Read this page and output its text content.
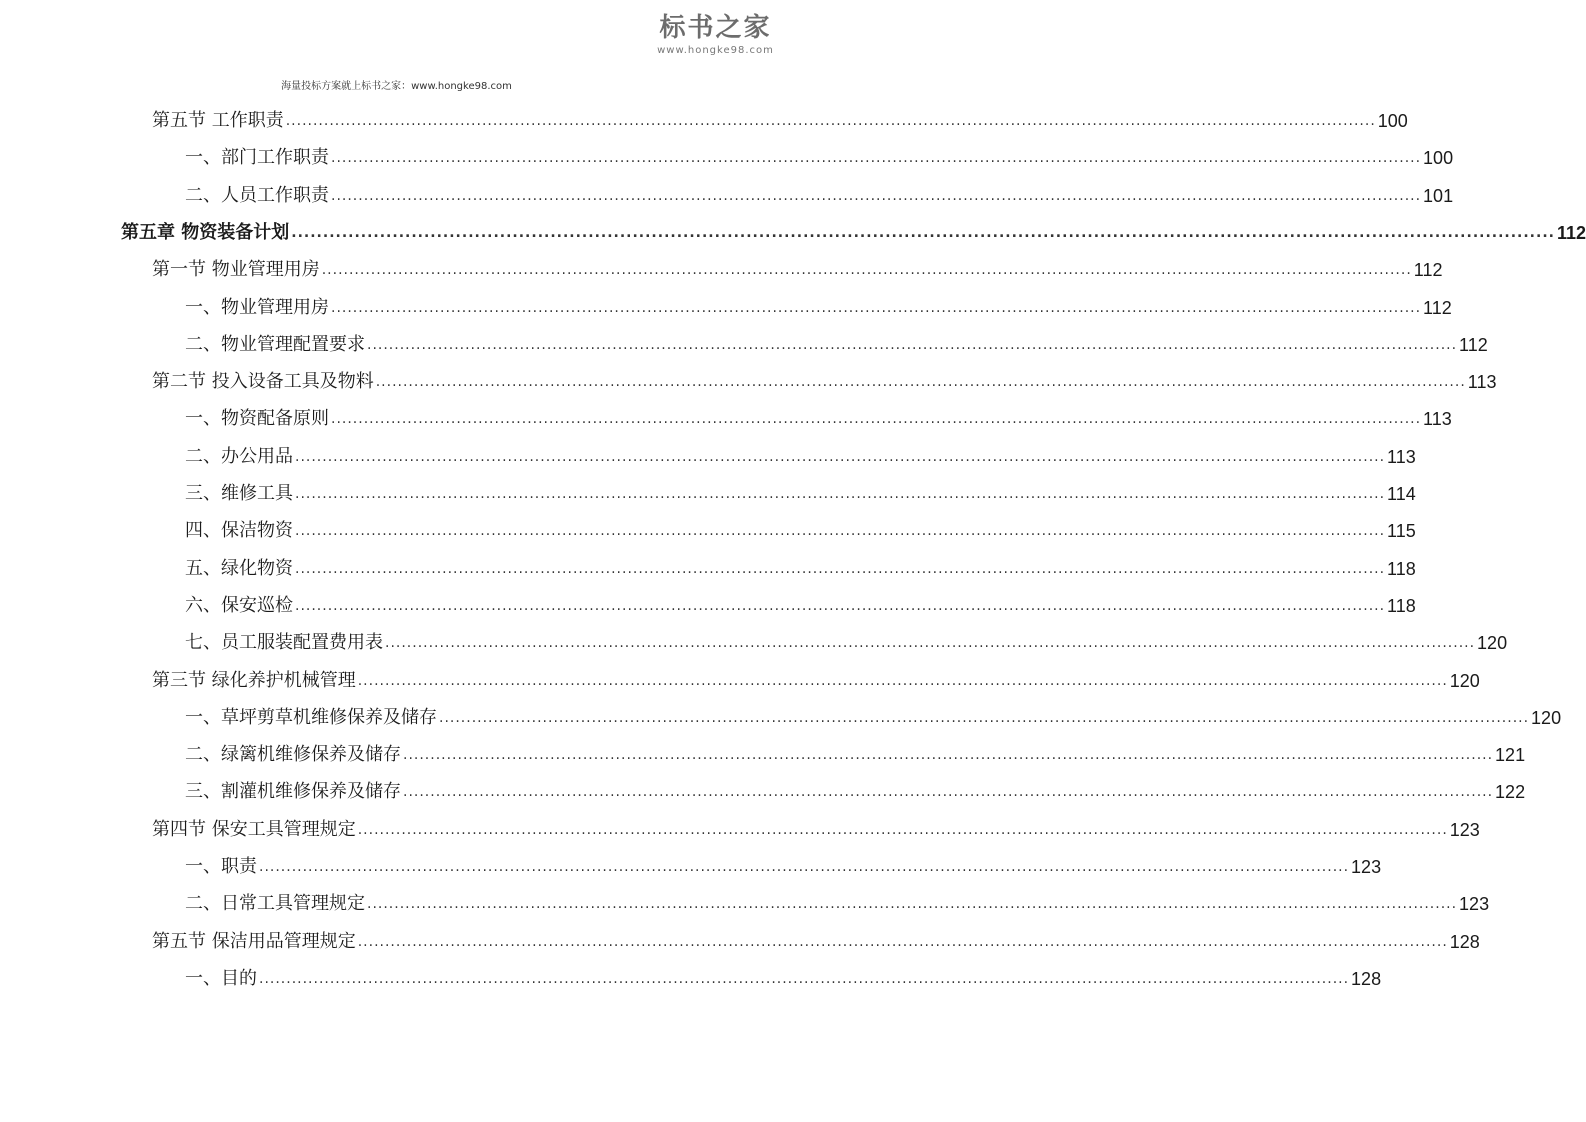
标书之家
www.hongke98.com
海量投标方案就上标书之家：www.hongke98.com
第五节 工作职责 ........................................................................................................................................................................................................ 100
一、部门工作职责 ........................................................................................................................................................................................................ 100
二、人员工作职责 ........................................................................................................................................................................................................ 101
第五章 物资装备计划 ........................................................................................................................................................................................................ 112
第一节 物业管理用房 ........................................................................................................................................................................................................ 112
一、物业管理用房 ........................................................................................................................................................................................................ 112
二、物业管理配置要求 ........................................................................................................................................................................................................ 112
第二节 投入设备工具及物料 ........................................................................................................................................................................................................ 113
一、物资配备原则 ........................................................................................................................................................................................................ 113
二、办公用品 ........................................................................................................................................................................................................ 113
三、维修工具 ........................................................................................................................................................................................................ 114
四、保洁物资 ........................................................................................................................................................................................................ 115
五、绿化物资 ........................................................................................................................................................................................................ 118
六、保安巡检 ........................................................................................................................................................................................................ 118
七、员工服装配置费用表 ........................................................................................................................................................................................................ 120
第三节 绿化养护机械管理 ........................................................................................................................................................................................................ 120
一、草坪剪草机维修保养及储存 ........................................................................................................................................................................................................ 120
二、绿篱机维修保养及储存 ........................................................................................................................................................................................................ 121
三、割灌机维修保养及储存 ........................................................................................................................................................................................................ 122
第四节 保安工具管理规定 ........................................................................................................................................................................................................ 123
一、职责 ........................................................................................................................................................................................................ 123
二、日常工具管理规定 ........................................................................................................................................................................................................ 123
第五节 保洁用品管理规定 ........................................................................................................................................................................................................ 128
一、目的 ........................................................................................................................................................................................................ 128
